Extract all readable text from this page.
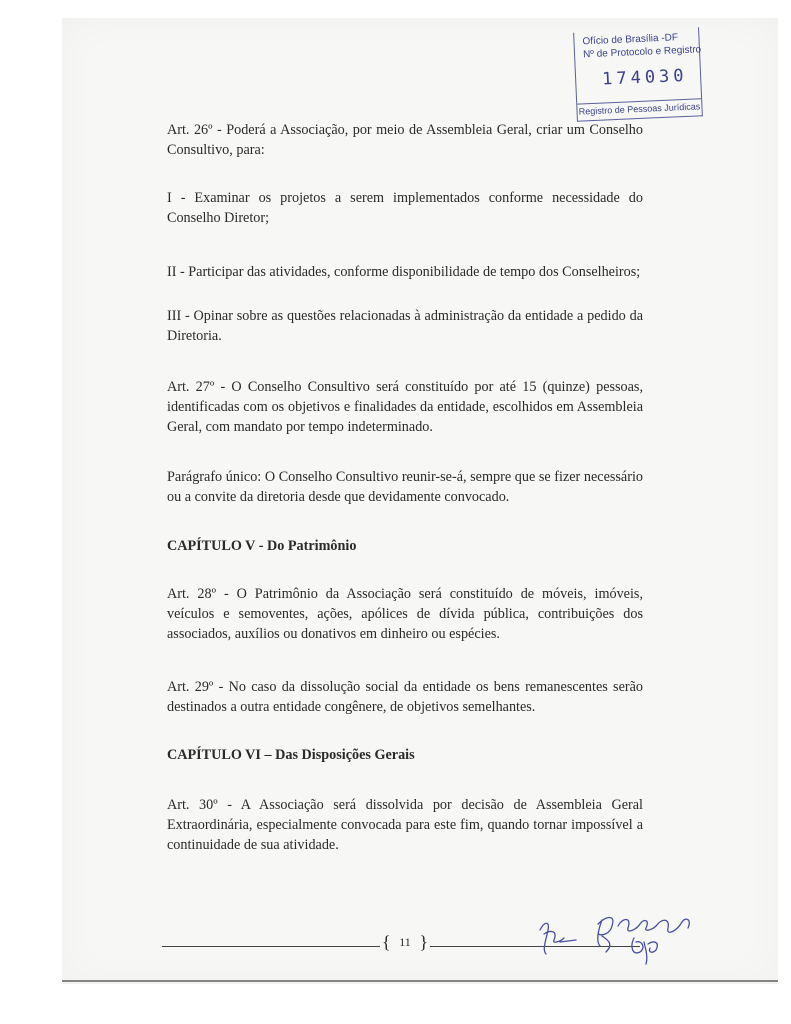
Ofício de Brasília -DF
Nº de Protocolo e Registro
174030
Registro de Pessoas Jurídicas

Art. 26º - Poderá a Associação, por meio de Assembleia Geral, criar um Conselho Consultivo, para:

I - Examinar os projetos a serem implementados conforme necessidade do Conselho Diretor;

II - Participar das atividades, conforme disponibilidade de tempo dos Conselheiros;

III - Opinar sobre as questões relacionadas à administração da entidade a pedido da Diretoria.

Art. 27º - O Conselho Consultivo será constituído por até 15 (quinze) pessoas, identificadas com os objetivos e finalidades da entidade, escolhidos em Assembleia Geral, com mandato por tempo indeterminado.

Parágrafo único: O Conselho Consultivo reunir-se-á, sempre que se fizer necessário ou a convite da diretoria desde que devidamente convocado.

CAPÍTULO V - Do Patrimônio

Art. 28º - O Patrimônio da Associação será constituído de móveis, imóveis, veículos e semoventes, ações, apólices de dívida pública, contribuições dos associados, auxílios ou donativos em dinheiro ou espécies.

Art. 29º - No caso da dissolução social da entidade os bens remanescentes serão destinados a outra entidade congênere, de objetivos semelhantes.

CAPÍTULO VI – Das Disposições Gerais

Art. 30º - A Associação será dissolvida por decisão de Assembleia Geral Extraordinária, especialmente convocada para este fim, quando tornar impossível a continuidade de sua atividade.

{ 11 }
